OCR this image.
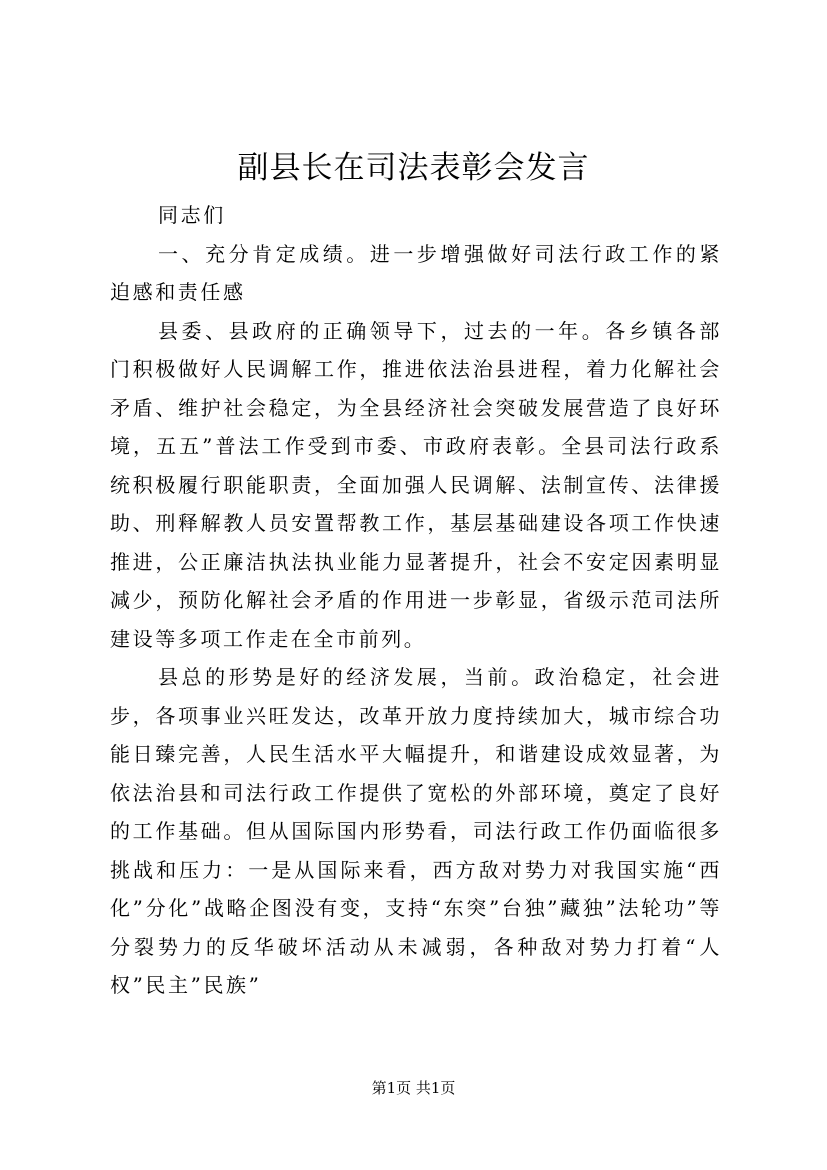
副县长在司法表彰会发言

同志们

一、充分肯定成绩。进一步增强做好司法行政工作的紧迫感和责任感

县委、县政府的正确领导下，过去的一年。各乡镇各部门积极做好人民调解工作，推进依法治县进程，着力化解社会矛盾、维护社会稳定，为全县经济社会突破发展营造了良好环境，五五”普法工作受到市委、市政府表彰。全县司法行政系统积极履行职能职责，全面加强人民调解、法制宣传、法律援助、刑释解教人员安置帮教工作，基层基础建设各项工作快速推进，公正廉洁执法执业能力显著提升，社会不安定因素明显减少，预防化解社会矛盾的作用进一步彰显，省级示范司法所建设等多项工作走在全市前列。

县总的形势是好的经济发展，当前。政治稳定，社会进步，各项事业兴旺发达，改革开放力度持续加大，城市综合功能日臻完善，人民生活水平大幅提升，和谐建设成效显著，为依法治县和司法行政工作提供了宽松的外部环境，奠定了良好的工作基础。但从国际国内形势看，司法行政工作仍面临很多挑战和压力：一是从国际来看，西方敌对势力对我国实施“西化”分化”战略企图没有变，支持“东突”台独”藏独”法轮功”等分裂势力的反华破坏活动从未减弱，各种敌对势力打着“人权”民主”民族”

第1页 共1页
